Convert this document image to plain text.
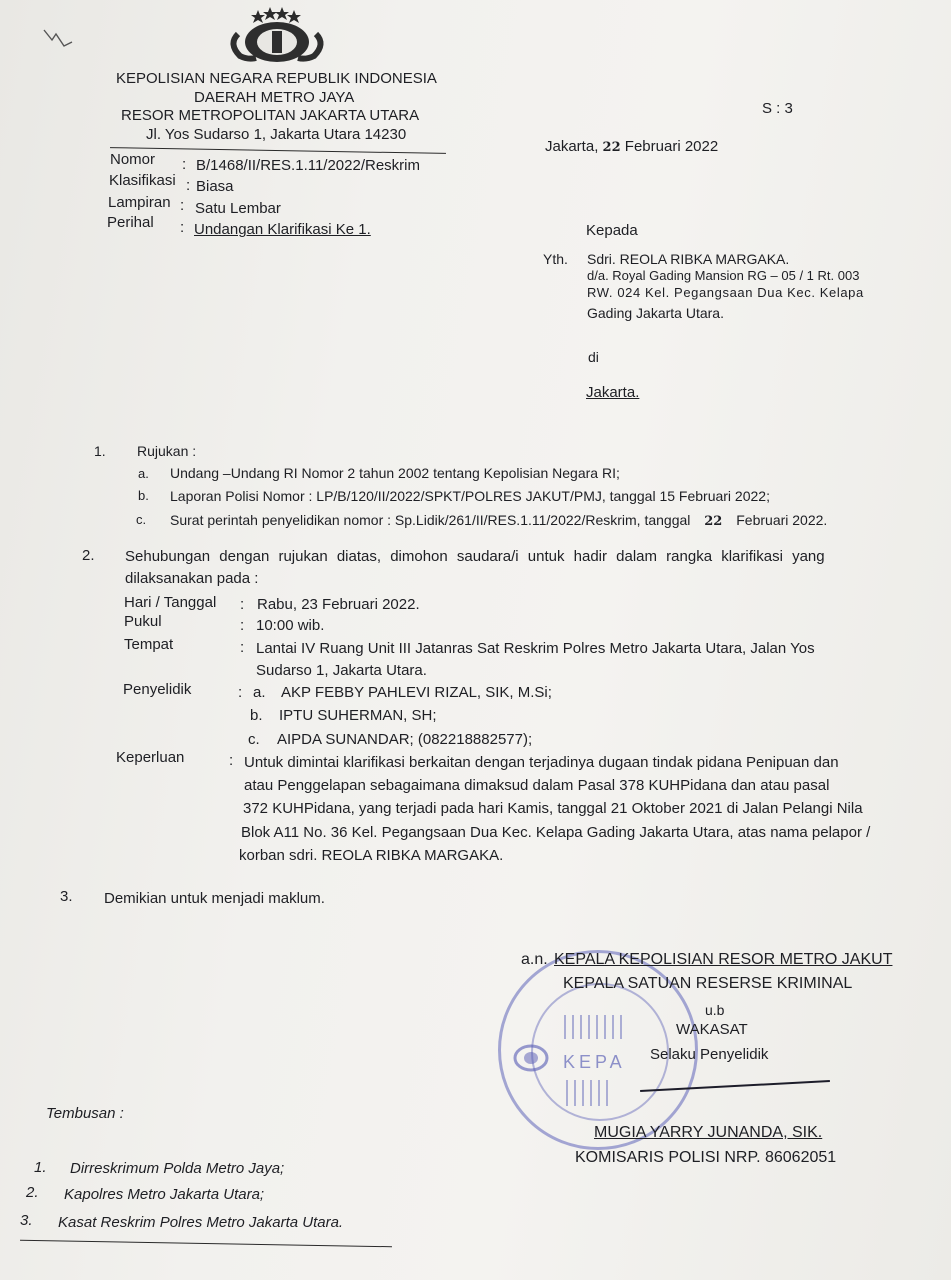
KEPOLISIAN NEGARA REPUBLIK INDONESIA
DAERAH METRO JAYA
RESOR METROPOLITAN JAKARTA UTARA
Jl. Yos Sudarso 1, Jakarta Utara 14230
S : 3
Jakarta, 22 Februari 2022
Nomor : B/1468/II/RES.1.11/2022/Reskrim
Klasifikasi : Biasa
Lampiran : Satu Lembar
Perihal : Undangan Klarifikasi Ke 1.	Kepada
Yth. Sdri. REOLA RIBKA MARGAKA.
d/a. Royal Gading Mansion RG – 05 / 1 Rt. 003
RW. 024 Kel. Pegangsaan Dua Kec. Kelapa
Gading Jakarta Utara.
di
Jakarta.
1. Rujukan :
a. Undang –Undang RI Nomor 2 tahun 2002 tentang Kepolisian Negara RI;
b. Laporan Polisi Nomor : LP/B/120/II/2022/SPKT/POLRES JAKUT/PMJ, tanggal 15 Februari 2022;
c. Surat perintah penyelidikan nomor : Sp.Lidik/261/II/RES.1.11/2022/Reskrim, tanggal 22 Februari 2022.
2. Sehubungan dengan rujukan diatas, dimohon saudara/i untuk hadir dalam rangka klarifikasi yang
dilaksanakan pada :
Hari / Tanggal : Rabu, 23 Februari 2022.
Pukul	: 10:00 wib.
Tempat	: Lantai IV Ruang Unit III Jatanras Sat Reskrim Polres Metro Jakarta Utara, Jalan Yos
Sudarso 1, Jakarta Utara.
Penyelidik	: a. AKP FEBBY PAHLEVI RIZAL, SIK, M.Si;
b. IPTU SUHERMAN, SH;
c. AIPDA SUNANDAR; (082218882577);
Keperluan	: Untuk dimintai klarifikasi berkaitan dengan terjadinya dugaan tindak pidana Penipuan dan
atau Penggelapan sebagaimana dimaksud dalam Pasal 378 KUHPidana dan atau pasal
372 KUHPidana, yang terjadi pada hari Kamis, tanggal 21 Oktober 2021 di Jalan Pelangi Nila
Blok A11 No. 36 Kel. Pegangsaan Dua Kec. Kelapa Gading Jakarta Utara, atas nama pelapor /
korban sdri. REOLA RIBKA MARGAKA.
3. Demikian untuk menjadi maklum.
KEPA
a.n. KEPALA KEPOLISIAN RESOR METRO JAKUT
KEPALA SATUAN RESERSE KRIMINAL
u.b
WAKASAT
Selaku Penyelidik
MUGIA YARRY JUNANDA, SIK.
KOMISARIS POLISI NRP. 86062051
Tembusan :
1. Dirreskrimum Polda Metro Jaya;
2. Kapolres Metro Jakarta Utara;
3. Kasat Reskrim Polres Metro Jakarta Utara.
